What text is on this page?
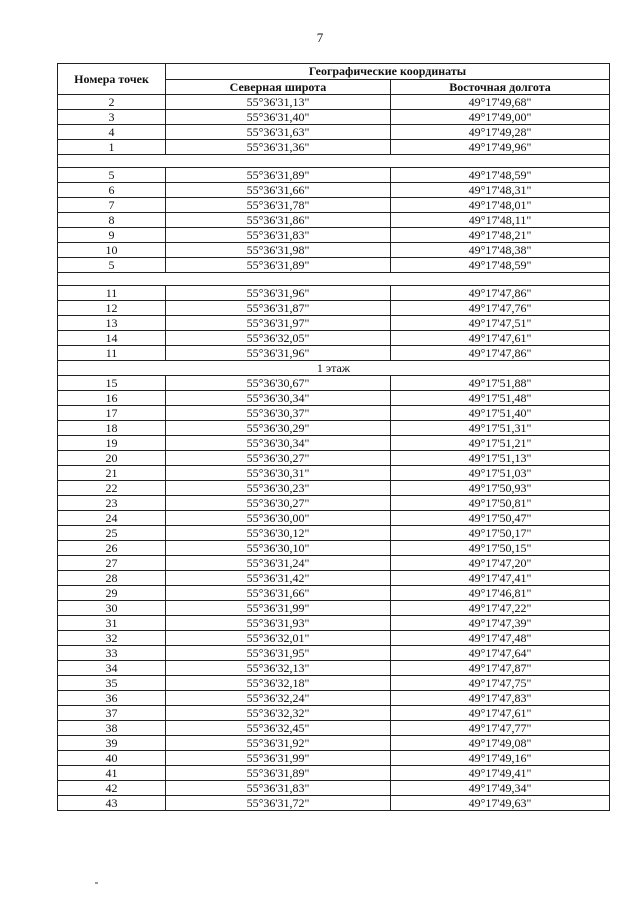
7
Номера точек	Географические координаты	
	Северная широта	Восточная долгота
2	55°36'31,13"	49°17'49,68"
3	55°36'31,40"	49°17'49,00"
4	55°36'31,63"	49°17'49,28"
1	55°36'31,36"	49°17'49,96"

5	55°36'31,89"	49°17'48,59"
6	55°36'31,66"	49°17'48,31"
7	55°36'31,78"	49°17'48,01"
8	55°36'31,86"	49°17'48,11"
9	55°36'31,83"	49°17'48,21"
10	55°36'31,98"	49°17'48,38"
5	55°36'31,89"	49°17'48,59"

11	55°36'31,96"	49°17'47,86"
12	55°36'31,87"	49°17'47,76"
13	55°36'31,97"	49°17'47,51"
14	55°36'32,05"	49°17'47,61"
11	55°36'31,96"	49°17'47,86"
1 этаж		
15	55°36'30,67"	49°17'51,88"
16	55°36'30,34"	49°17'51,48"
17	55°36'30,37"	49°17'51,40"
18	55°36'30,29"	49°17'51,31"
19	55°36'30,34"	49°17'51,21"
20	55°36'30,27"	49°17'51,13"
21	55°36'30,31"	49°17'51,03"
22	55°36'30,23"	49°17'50,93"
23	55°36'30,27"	49°17'50,81"
24	55°36'30,00"	49°17'50,47"
25	55°36'30,12"	49°17'50,17"
26	55°36'30,10"	49°17'50,15"
27	55°36'31,24"	49°17'47,20"
28	55°36'31,42"	49°17'47,41"
29	55°36'31,66"	49°17'46,81"
30	55°36'31,99"	49°17'47,22"
31	55°36'31,93"	49°17'47,39"
32	55°36'32,01"	49°17'47,48"
33	55°36'31,95"	49°17'47,64"
34	55°36'32,13"	49°17'47,87"
35	55°36'32,18"	49°17'47,75"
36	55°36'32,24"	49°17'47,83"
37	55°36'32,32"	49°17'47,61"
38	55°36'32,45"	49°17'47,77"
39	55°36'31,92"	49°17'49,08"
40	55°36'31,99"	49°17'49,16"
41	55°36'31,89"	49°17'49,41"
42	55°36'31,83"	49°17'49,34"
43	55°36'31,72"	49°17'49,63"
